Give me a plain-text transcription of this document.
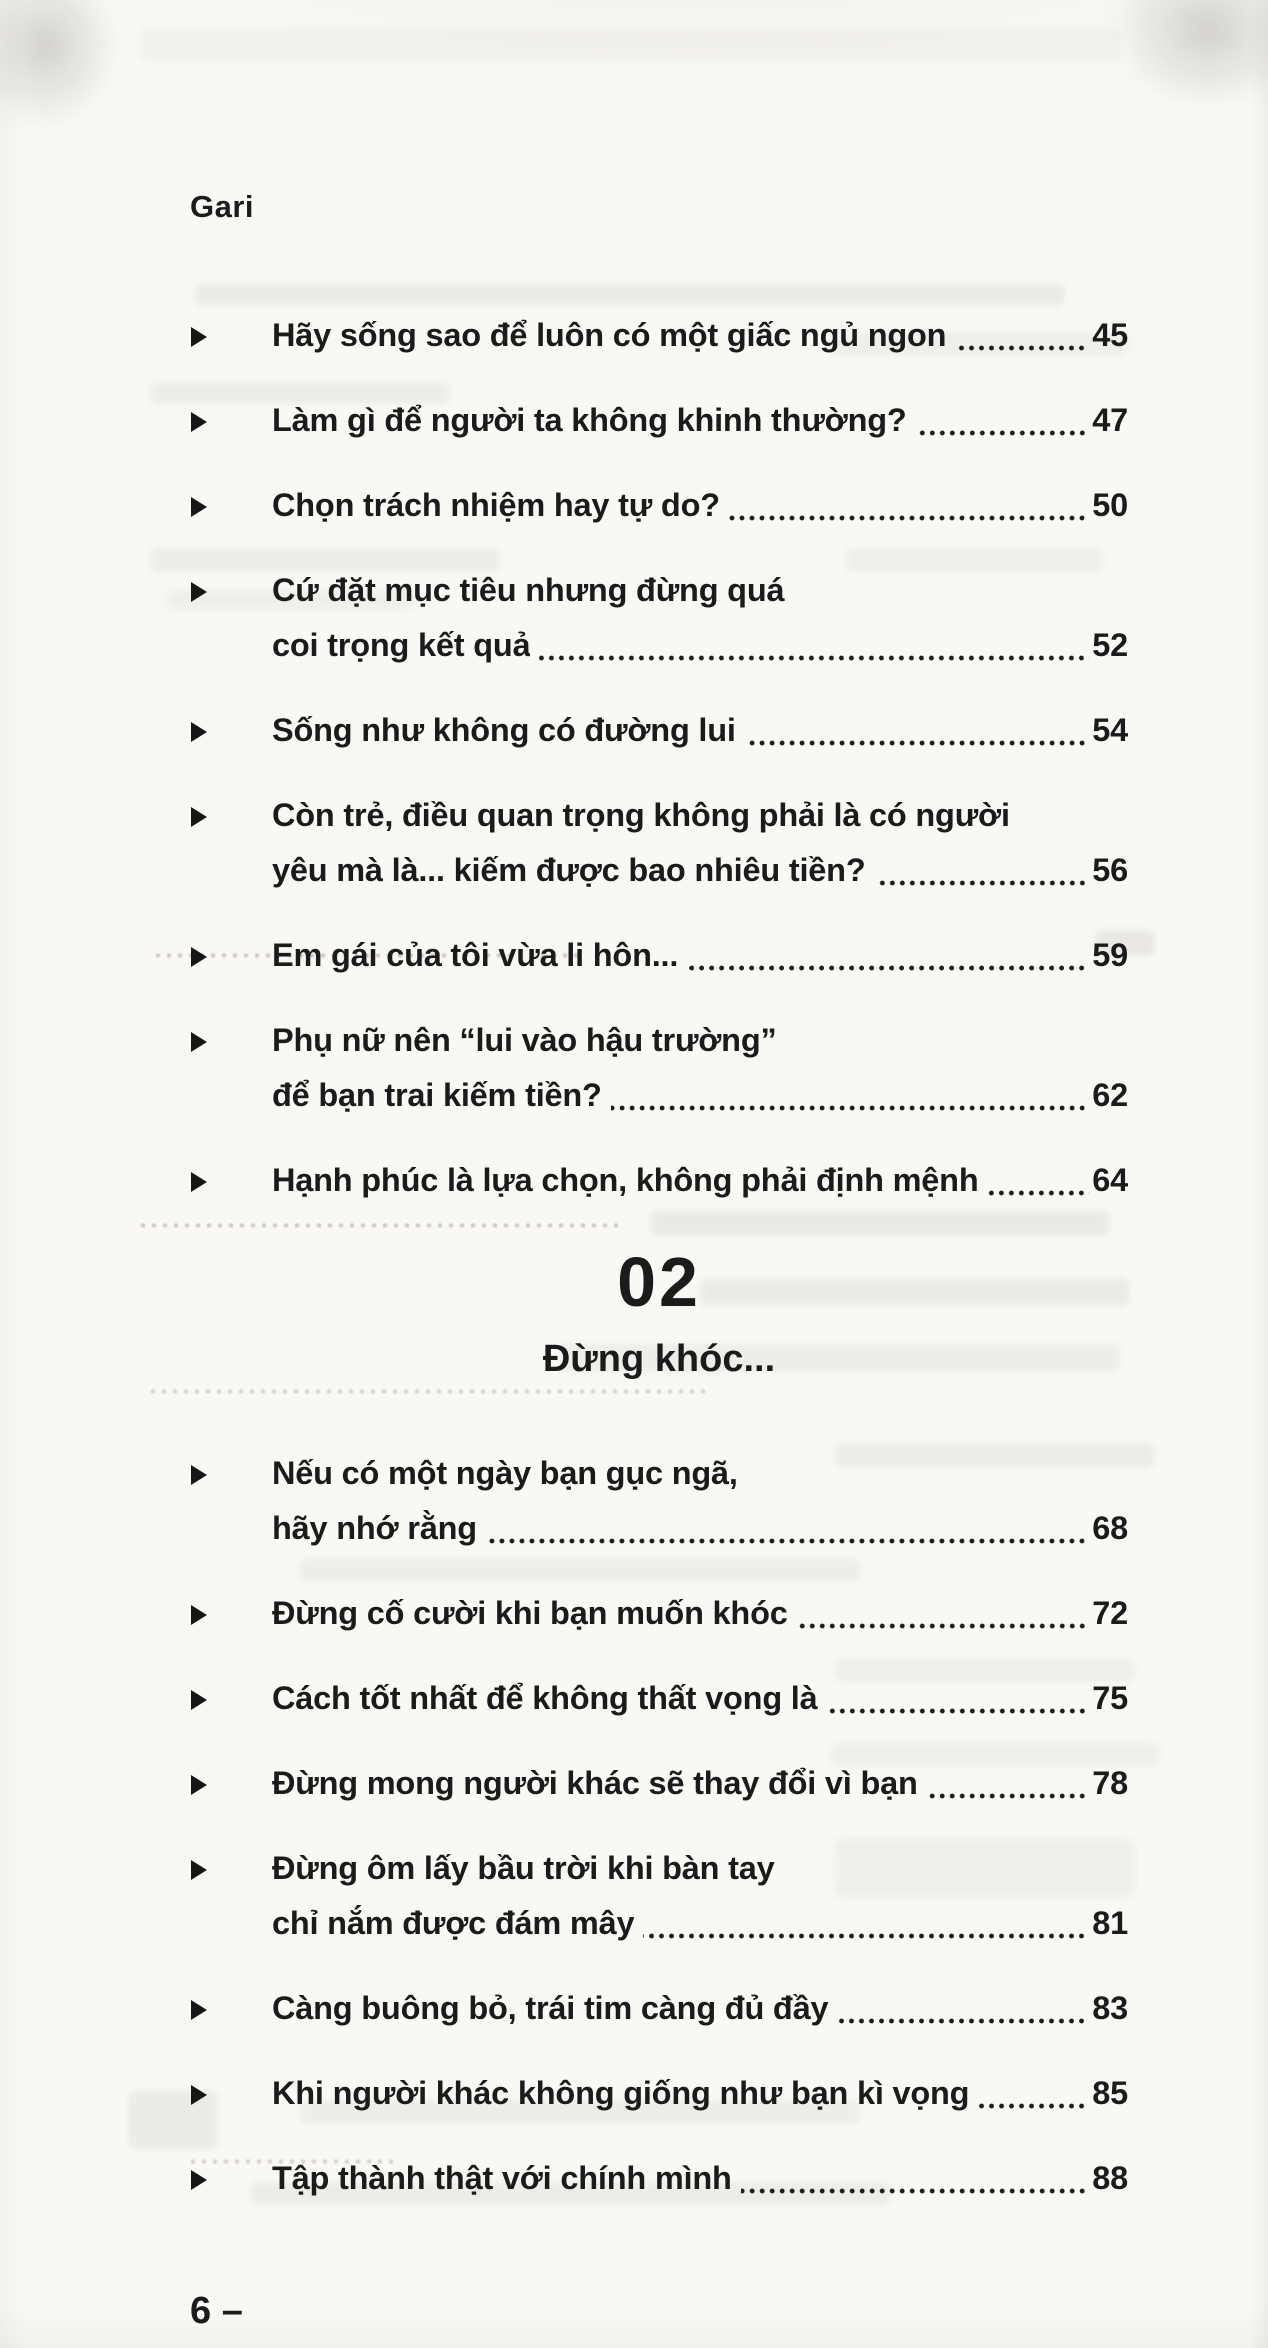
Gari
Hãy sống sao để luôn có một giấc ngủ ngon	45
Làm gì để người ta không khinh thường?	47
Chọn trách nhiệm hay tự do?	50
Cứ đặt mục tiêu nhưng đừng quá
coi trọng kết quả	52
Sống như không có đường lui	54
Còn trẻ, điều quan trọng không phải là có người
yêu mà là... kiếm được bao nhiêu tiền?	56
Em gái của tôi vừa li hôn...	59
Phụ nữ nên “lui vào hậu trường”
để bạn trai kiếm tiền?	62
Hạnh phúc là lựa chọn, không phải định mệnh	64
02
Đừng khóc...
Nếu có một ngày bạn gục ngã,
hãy nhớ rằng	68
Đừng cố cười khi bạn muốn khóc	72
Cách tốt nhất để không thất vọng là	75
Đừng mong người khác sẽ thay đổi vì bạn	78
Đừng ôm lấy bầu trời khi bàn tay
chỉ nắm được đám mây	81
Càng buông bỏ, trái tim càng đủ đầy	83
Khi người khác không giống như bạn kì vọng	85
Tập thành thật với chính mình	88
6 –
